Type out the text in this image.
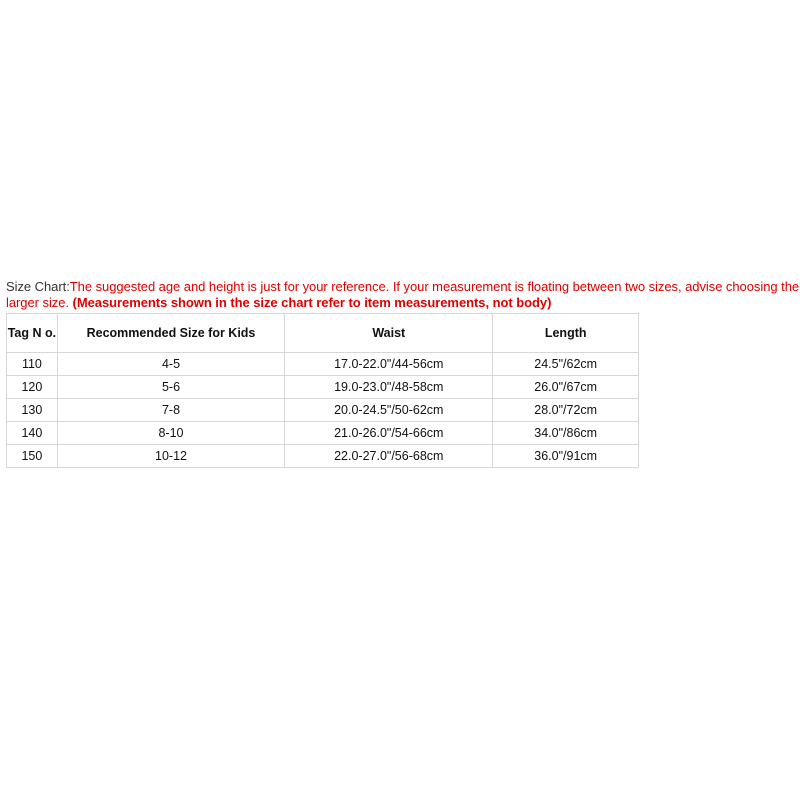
Size Chart:The suggested age and height is just for your reference. If your measurement is floating between two sizes, advise choosing the larger size. (Measurements shown in the size chart refer to item measurements, not body)

Tag N o.	Recommended Size for Kids	Waist	Length
110	4-5	17.0-22.0"/44-56cm	24.5"/62cm
120	5-6	19.0-23.0"/48-58cm	26.0"/67cm
130	7-8	20.0-24.5"/50-62cm	28.0"/72cm
140	8-10	21.0-26.0"/54-66cm	34.0"/86cm
150	10-12	22.0-27.0"/56-68cm	36.0"/91cm
